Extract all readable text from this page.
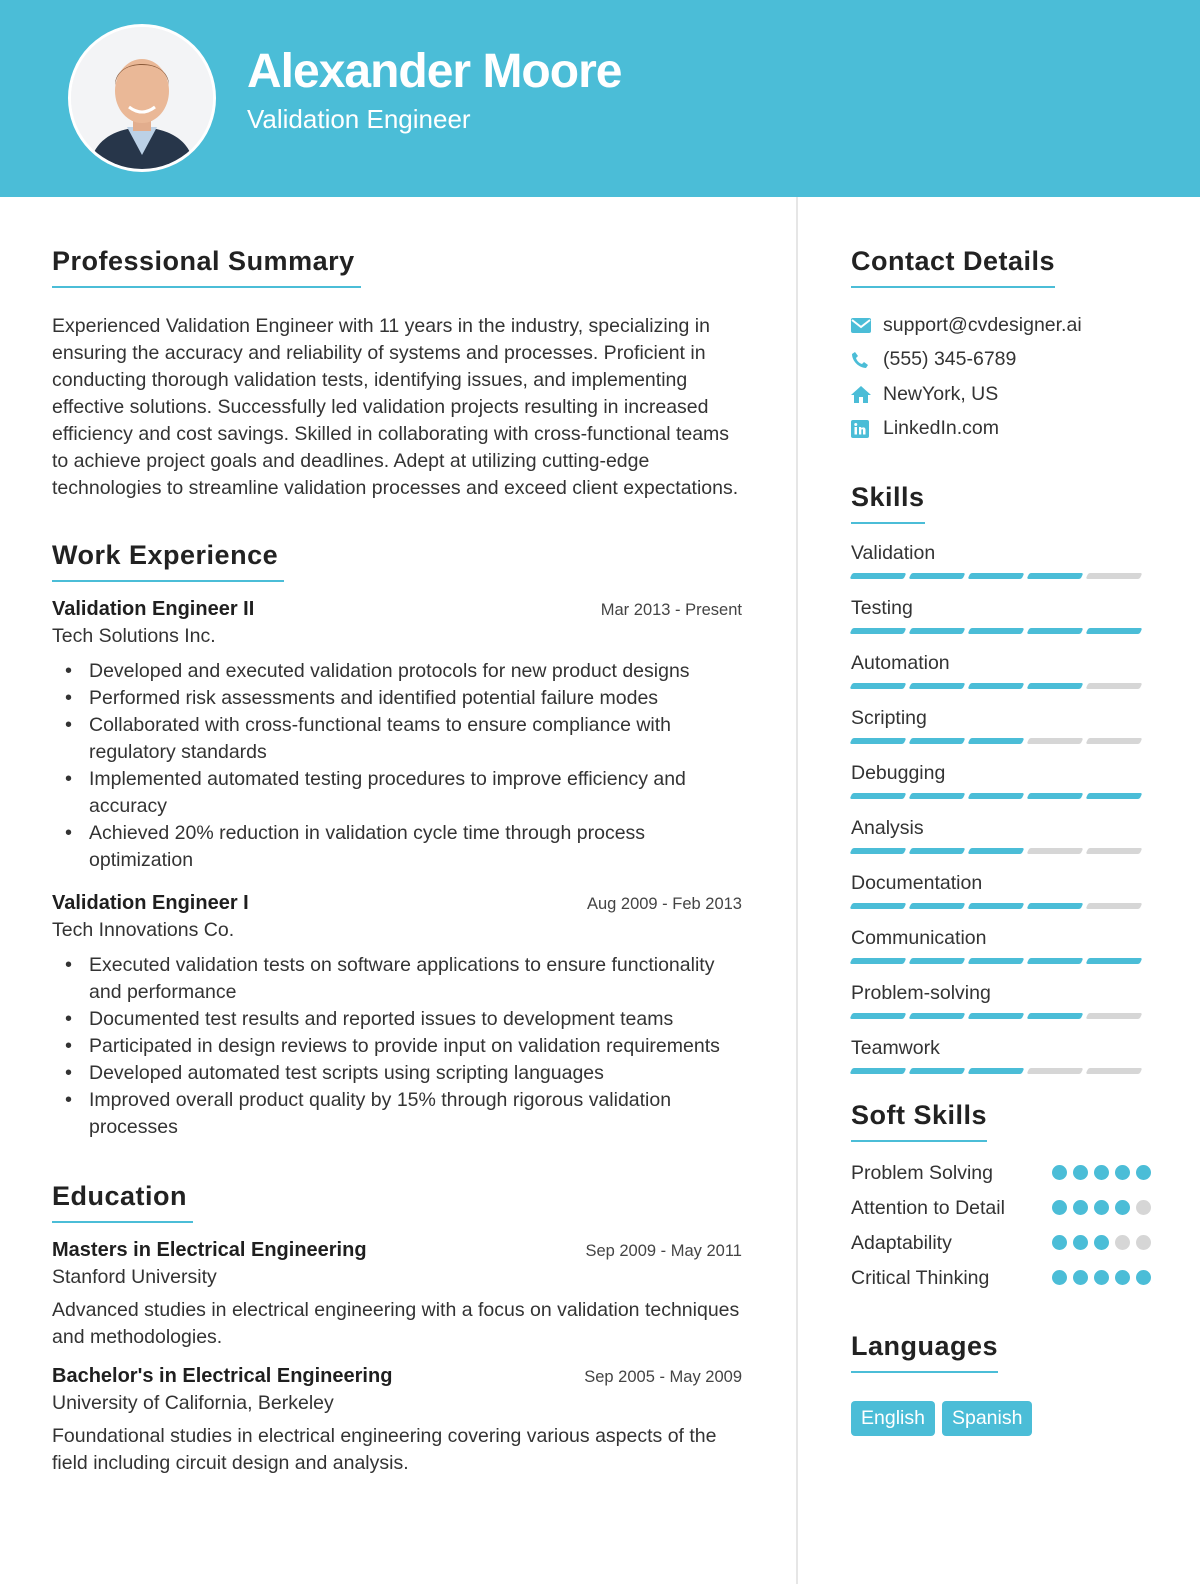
Alexander Moore
Validation Engineer
Professional Summary

Experienced Validation Engineer with 11 years in the industry, specializing in ensuring the accuracy and reliability of systems and processes. Proficient in conducting thorough validation tests, identifying issues, and implementing effective solutions. Successfully led validation projects resulting in increased efficiency and cost savings. Skilled in collaborating with cross-functional teams to achieve project goals and deadlines. Adept at utilizing cutting-edge technologies to streamline validation processes and exceed client expectations.

Work Experience
Validation Engineer II	Mar 2013 - Present
Tech Solutions Inc.
• Developed and executed validation protocols for new product designs
• Performed risk assessments and identified potential failure modes
• Collaborated with cross-functional teams to ensure compliance with regulatory standards
• Implemented automated testing procedures to improve efficiency and accuracy
• Achieved 20% reduction in validation cycle time through process optimization
Validation Engineer I	Aug 2009 - Feb 2013
Tech Innovations Co.
• Executed validation tests on software applications to ensure functionality and performance
• Documented test results and reported issues to development teams
• Participated in design reviews to provide input on validation requirements
• Developed automated test scripts using scripting languages
• Improved overall product quality by 15% through rigorous validation processes
Education
Masters in Electrical Engineering	Sep 2009 - May 2011
Stanford University

Advanced studies in electrical engineering with a focus on validation techniques and methodologies.

Bachelor's in Electrical Engineering	Sep 2005 - May 2009
University of California, Berkeley

Foundational studies in electrical engineering covering various aspects of the field including circuit design and analysis.

Contact Details
support@cvdesigner.ai
(555) 345-6789
NewYork, US
LinkedIn.com
Skills
Validation
Testing
Automation
Scripting
Debugging
Analysis
Documentation
Communication
Problem-solving
Teamwork
Soft Skills
Problem Solving
Attention to Detail
Adaptability
Critical Thinking
Languages
English	Spanish
